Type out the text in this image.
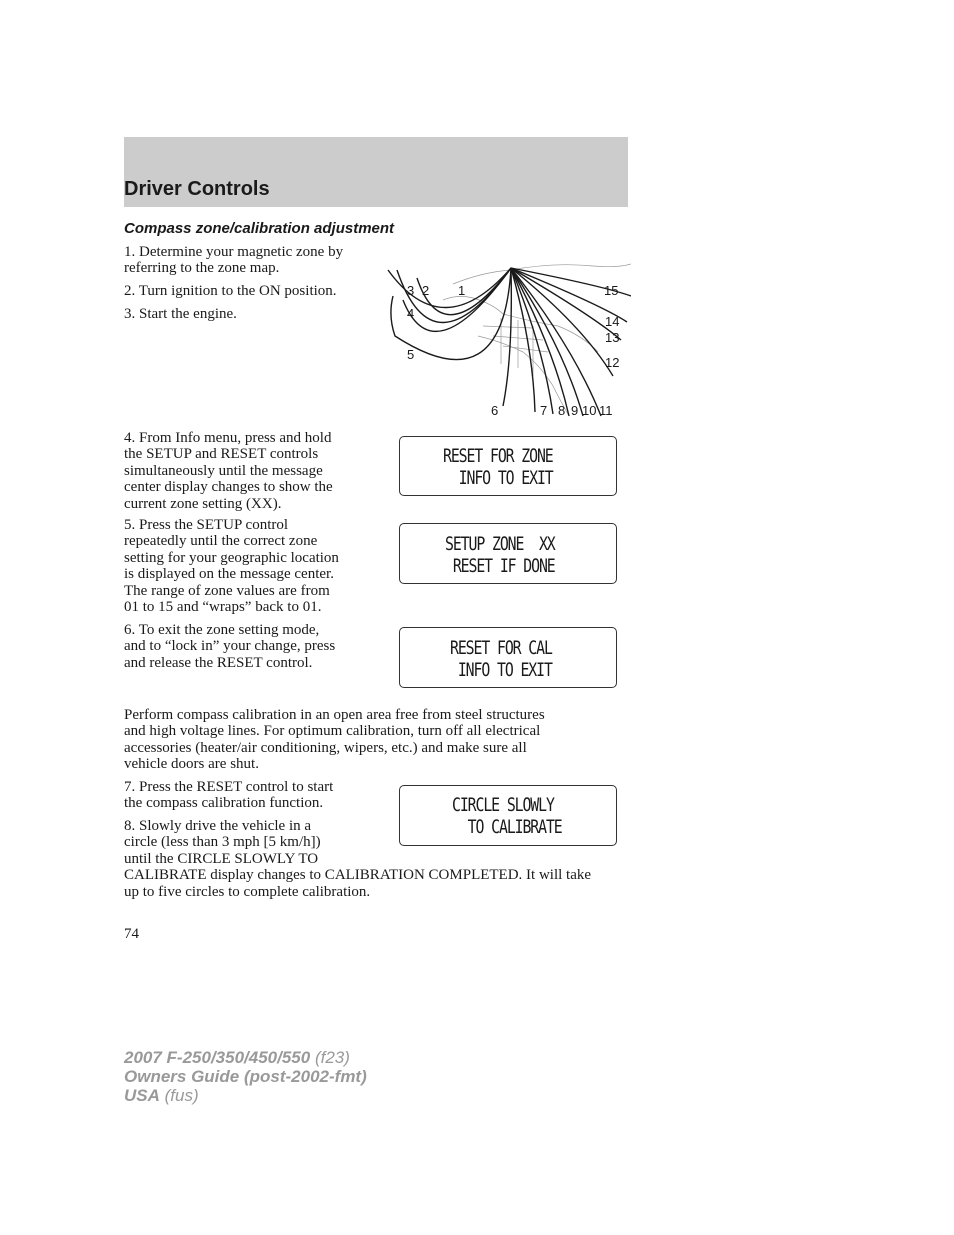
Driver Controls
Compass zone/calibration adjustment
1. Determine your magnetic zone by
referring to the zone map.
2. Turn ignition to the ON position.
3. Start the engine.
1
2
3
4
5
6	7 8 9 10 11
12
13
14
15
4. From Info menu, press and hold
the SETUP and RESET controls
simultaneously until the message
center display changes to show the
current zone setting (XX).
RESET FOR ZONE
INFO TO EXIT
5. Press the SETUP control
repeatedly until the correct zone
setting for your geographic location
is displayed on the message center.
The range of zone values are from
01 to 15 and “wraps” back to 01.
SETUP ZONE  XX
RESET IF DONE
6. To exit the zone setting mode,
and to “lock in” your change, press
and release the RESET control.
RESET FOR CAL
INFO TO EXIT
Perform compass calibration in an open area free from steel structures
and high voltage lines. For optimum calibration, turn off all electrical
accessories (heater/air conditioning, wipers, etc.) and make sure all
vehicle doors are shut.
7. Press the RESET control to start
the compass calibration function.	CIRCLE SLOWLY
TO CALIBRATE
8. Slowly drive the vehicle in a
circle (less than 3 mph [5 km/h])
until the CIRCLE SLOWLY TO
CALIBRATE display changes to CALIBRATION COMPLETED. It will take
up to five circles to complete calibration.
74
2007 F-250/350/450/550 (f23)
Owners Guide (post-2002-fmt)
USA (fus)
